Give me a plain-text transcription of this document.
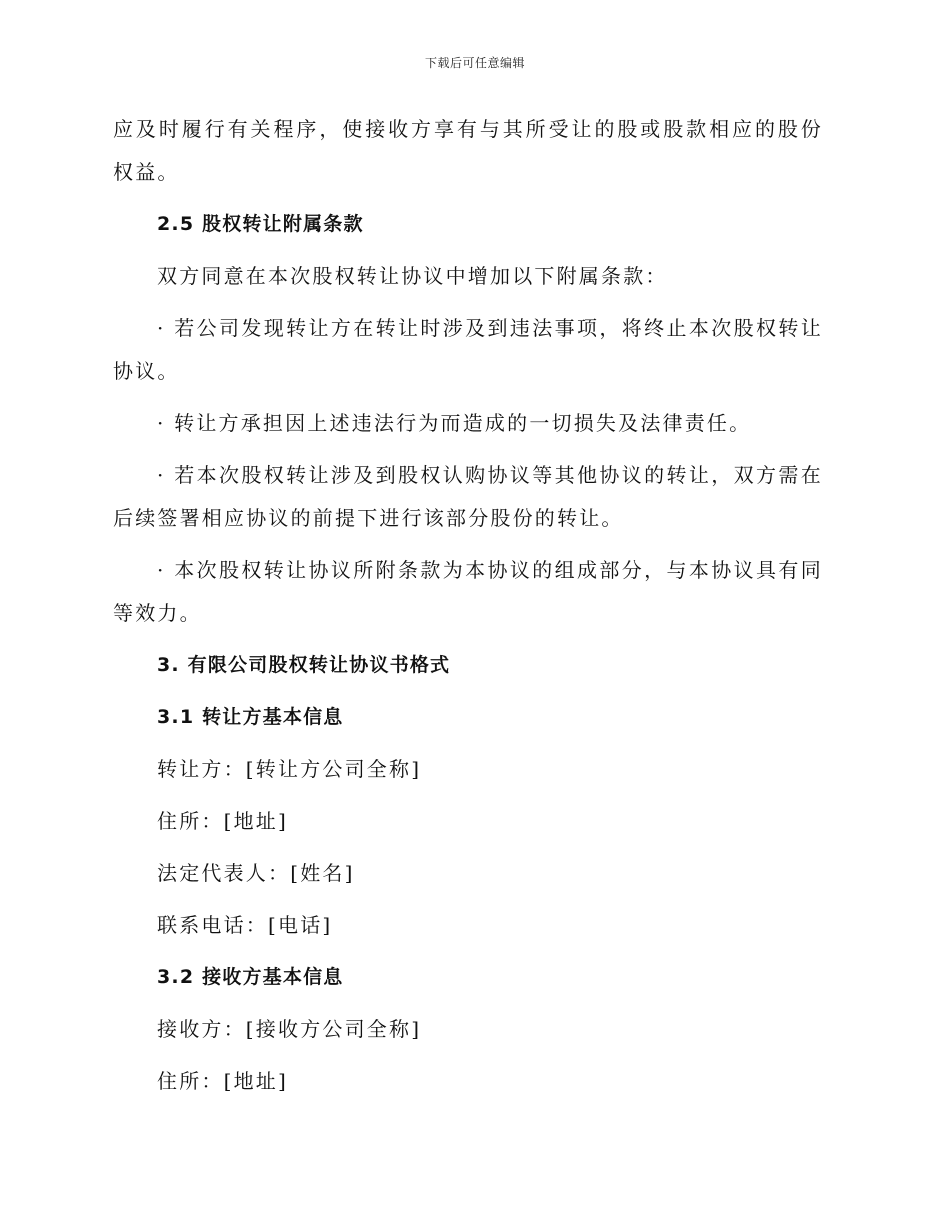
下载后可任意编辑

应及时履行有关程序，使接收方享有与其所受让的股或股款相应的股份权益。

2.5 股权转让附属条款

双方同意在本次股权转让协议中增加以下附属条款：

· 若公司发现转让方在转让时涉及到违法事项，将终止本次股权转让协议。

· 转让方承担因上述违法行为而造成的一切损失及法律责任。

· 若本次股权转让涉及到股权认购协议等其他协议的转让，双方需在后续签署相应协议的前提下进行该部分股份的转让。

· 本次股权转让协议所附条款为本协议的组成部分，与本协议具有同等效力。

3. 有限公司股权转让协议书格式
3.1 转让方基本信息
转让方：[转让方公司全称]
住所：[地址]
法定代表人：[姓名]
联系电话：[电话]
3.2 接收方基本信息
接收方：[接收方公司全称]
住所：[地址]
